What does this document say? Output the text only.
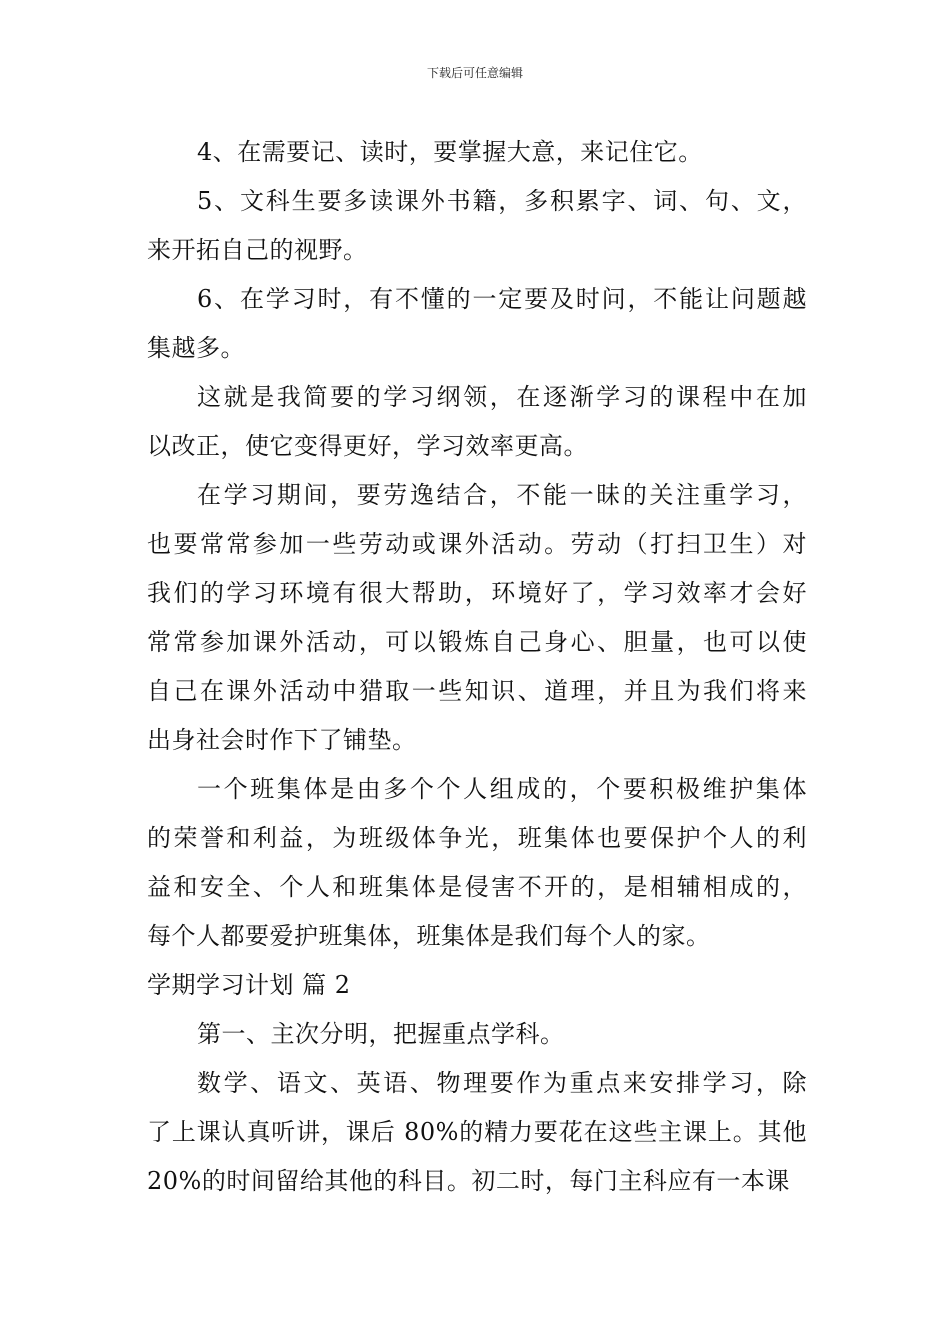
下载后可任意编辑

4、在需要记、读时，要掌握大意，来记住它。

5、文科生要多读课外书籍，多积累字、词、句、文，
来开拓自己的视野。

6、在学习时，有不懂的一定要及时问，不能让问题越
集越多。

这就是我简要的学习纲领，在逐渐学习的课程中在加
以改正，使它变得更好，学习效率更高。

在学习期间，要劳逸结合，不能一昧的关注重学习，
也要常常参加一些劳动或课外活动。劳动（打扫卫生）对
我们的学习环境有很大帮助，环境好了，学习效率才会好
常常参加课外活动，可以锻炼自己身心、胆量，也可以使
自己在课外活动中猎取一些知识、道理，并且为我们将来
出身社会时作下了铺垫。

一个班集体是由多个个人组成的，个要积极维护集体
的荣誉和利益，为班级体争光，班集体也要保护个人的利
益和安全、个人和班集体是侵害不开的，是相辅相成的，
每个人都要爱护班集体，班集体是我们每个人的家。

学期学习计划 篇 2

第一、主次分明，把握重点学科。

数学、语文、英语、物理要作为重点来安排学习，除
了上课认真听讲，课后 80%的精力要花在这些主课上。其他
20%的时间留给其他的科目。初二时，每门主科应有一本课
